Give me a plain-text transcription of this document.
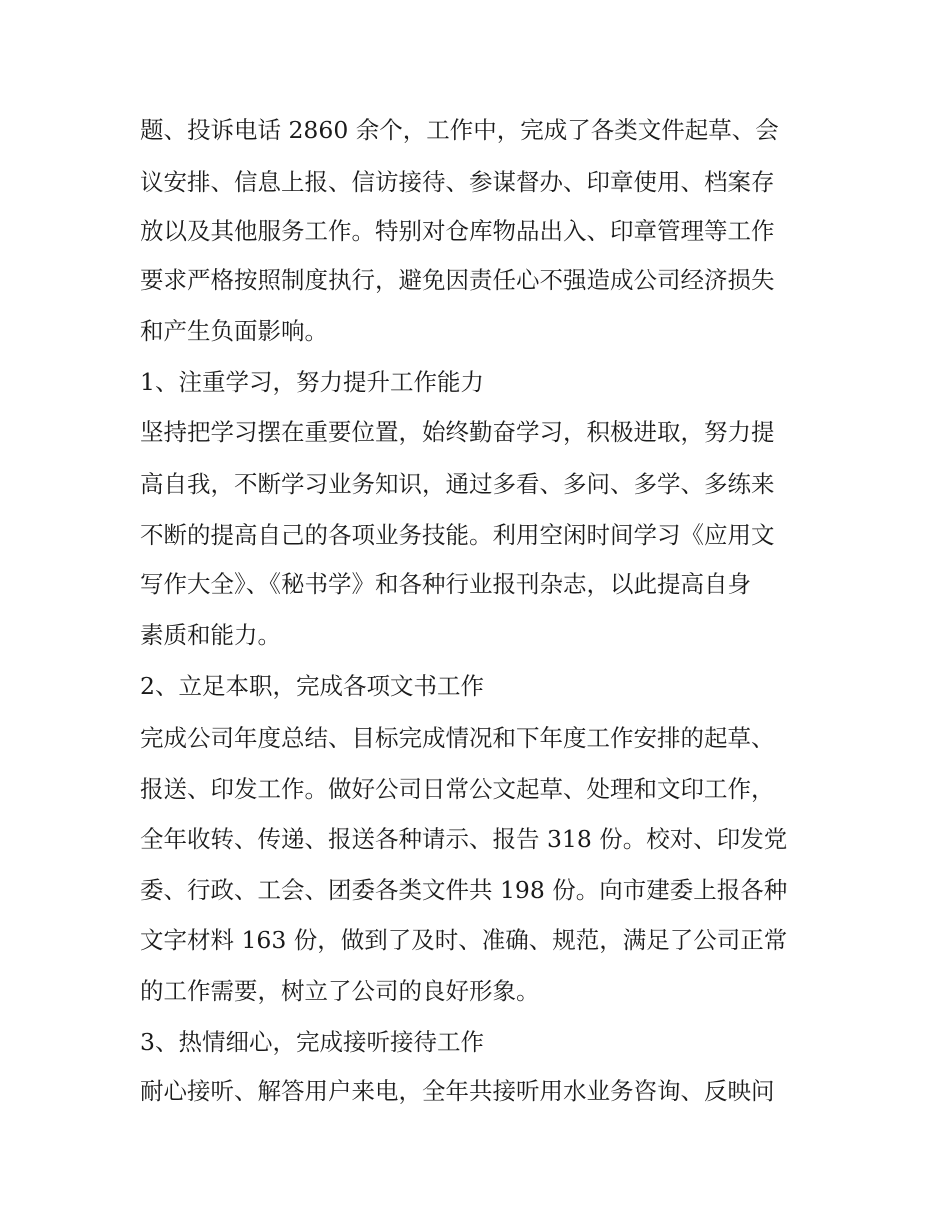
题、投诉电话 2860 余个，工作中，完成了各类文件起草、会
议安排、信息上报、信访接待、参谋督办、印章使用、档案存
放以及其他服务工作。特别对仓库物品出入、印章管理等工作
要求严格按照制度执行，避免因责任心不强造成公司经济损失
和产生负面影响。
1、注重学习，努力提升工作能力
坚持把学习摆在重要位置，始终勤奋学习，积极进取，努力提
高自我，不断学习业务知识，通过多看、多问、多学、多练来
不断的提高自己的各项业务技能。利用空闲时间学习《应用文
写作大全》、《秘书学》和各种行业报刊杂志，以此提高自身
素质和能力。
2、立足本职，完成各项文书工作
完成公司年度总结、目标完成情况和下年度工作安排的起草、
报送、印发工作。做好公司日常公文起草、处理和文印工作，
全年收转、传递、报送各种请示、报告 318 份。校对、印发党
委、行政、工会、团委各类文件共 198 份。向市建委上报各种
文字材料 163 份，做到了及时、准确、规范，满足了公司正常
的工作需要，树立了公司的良好形象。
3、热情细心，完成接听接待工作
耐心接听、解答用户来电，全年共接听用水业务咨询、反映问
